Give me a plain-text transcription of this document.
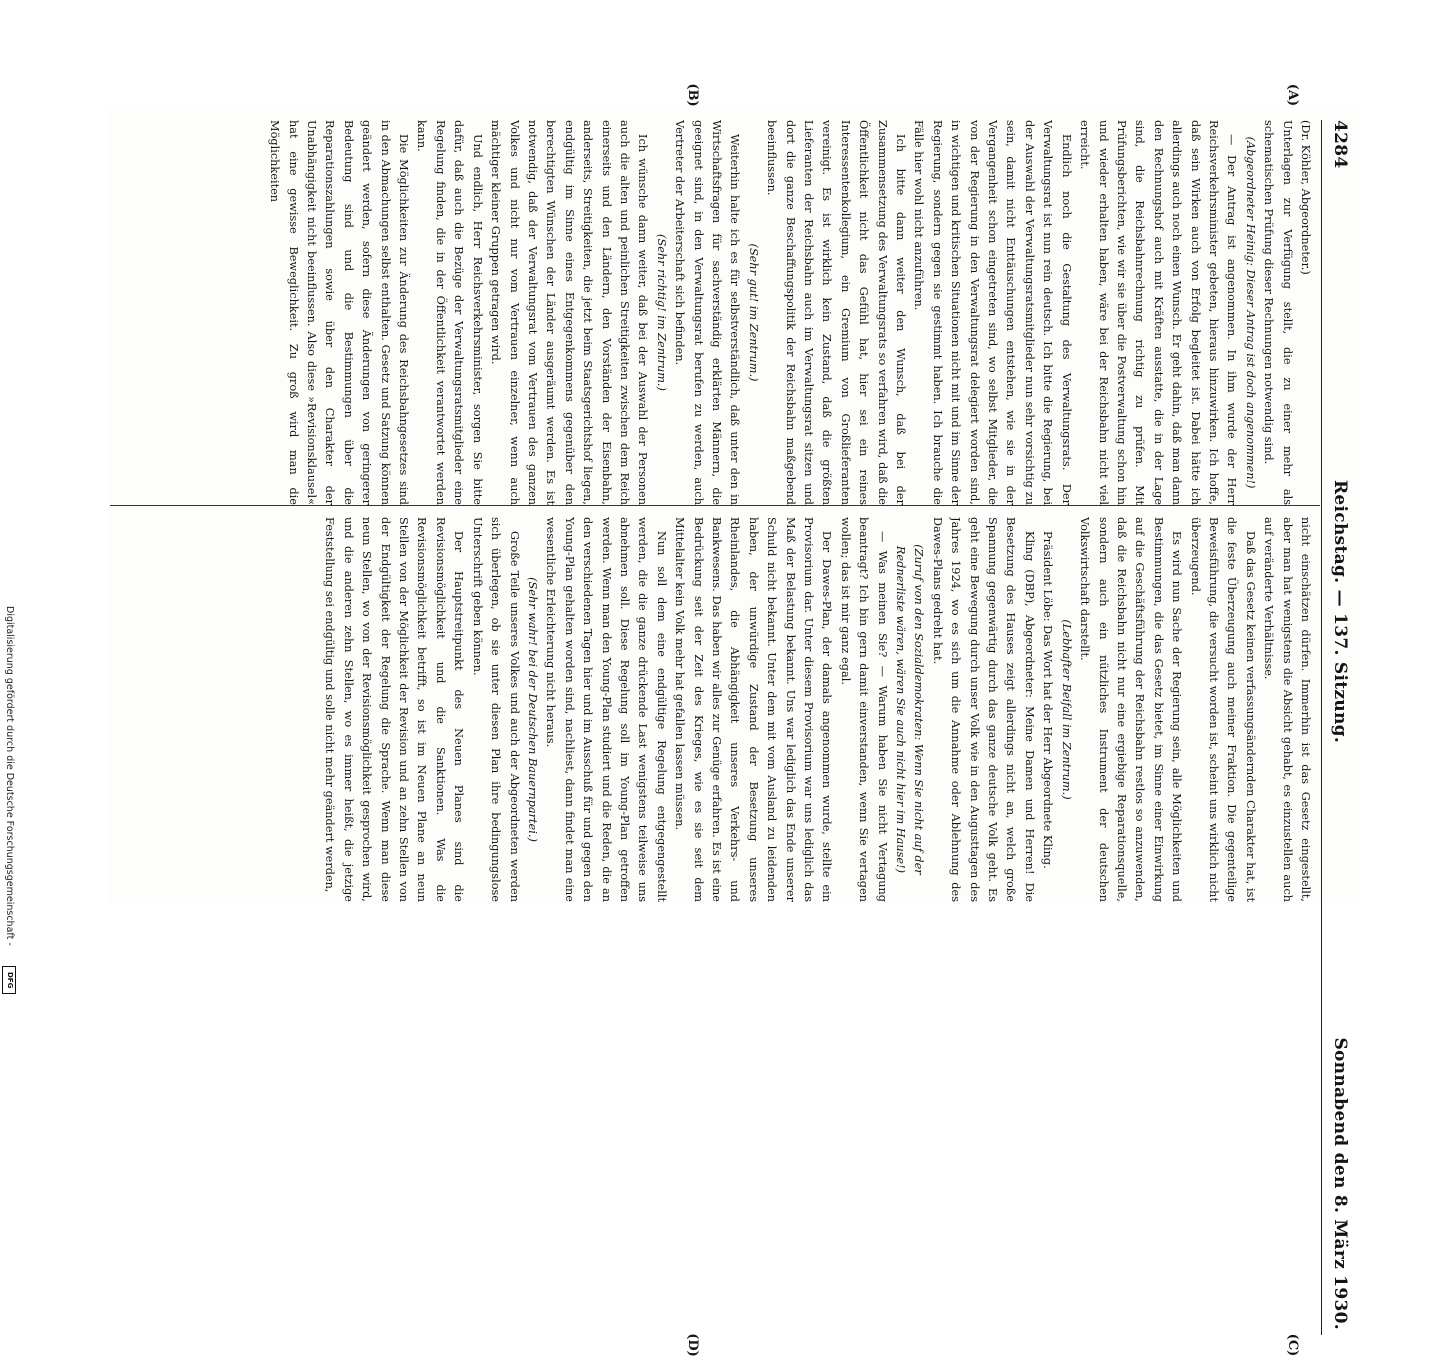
4284
Reichstag. — 137. Sitzung.
Sonnabend den 8. März 1930.
(A)
(B)
(C)
(D)

(Dr. Köhler, Abgeordneter.)

Unterlagen zur Verfügung stellt, die zu einer mehr als schematischen Prüfung dieser Rechnungen notwendig sind.

(Abgeordneter Heinig: Dieser Antrag ist doch angenommen!)

— Der Antrag ist angenommen. In ihm wurde der Herr Reichsverkehrsminister gebeten, hieraus hinzuwirken. Ich hoffe, daß sein Wirken auch von Erfolg begleitet ist. Dabei hätte ich allerdings auch noch einen Wunsch. Er geht dahin, daß man dann den Rechnungshof auch mit Kräften ausstatte, die in der Lage sind, die Reichsbahnrechnung richtig zu prüfen. Mit Prüfungsberichten, wie wir sie über die Postverwaltung schon hin und wieder erhalten haben, wäre bei der Reichsbahn nicht viel erreicht.

Endlich noch die Gestaltung des Verwaltungsrats. Der Verwaltungsrat ist nun rein deutsch. Ich bitte die Regierung, bei der Auswahl der Verwaltungsratsmitglieder nun sehr vorsichtig zu sein, damit nicht Enttäuschungen entstehen, wie sie in der Vergangenheit schon eingetreten sind, wo selbst Mitglieder, die von der Regierung in den Verwaltungsrat delegiert worden sind, in wichtigen und kritischen Situationen nicht mit und im Sinne der Regierung, sondern gegen sie gestimmt haben. Ich brauche die Fälle hier wohl nicht anzuführen.

Ich bitte dann weiter den Wunsch, daß bei der Zusammensetzung des Verwaltungsrats so verfahren wird, daß die Öffentlichkeit nicht das Gefühl hat, hier sei ein reines Interessentenkollegium, ein Gremium von Großlieferanten vereinigt. Es ist wirklich kein Zustand, daß die größten Lieferanten der Reichsbahn auch im Verwaltungsrat sitzen und dort die ganze Beschaffungspolitik der Reichsbahn maßgebend beeinflussen.

(Sehr gut! im Zentrum.)

Weiterhin halte ich es für selbstverständlich, daß unter den in Wirtschaftsfragen für sachverständig erklärten Männern, die geeignet sind, in den Verwaltungsrat berufen zu werden, auch Vertreter der Arbeiterschaft sich befinden.

(Sehr richtig! im Zentrum.)

Ich wünsche dann weiter, daß bei der Auswahl der Personen auch die alten und peinlichen Streitigkeiten zwischen dem Reich einerseits und den Ländern, den Vorständen der Eisenbahn, anderseits, Streitigkeiten, die jetzt beim Staatsgerichtshof liegen, endgültig im Sinne eines Entgegenkommens gegenüber den berechtigten Wünschen der Länder ausgeräumt werden. Es ist notwendig, daß der Verwaltungsrat vom Vertrauen des ganzen Volkes und nicht nur vom Vertrauen einzelner, wenn auch mächtiger kleiner Gruppen getragen wird.

Und endlich, Herr Reichsverkehrsminister, sorgen Sie bitte dafür, daß auch die Bezüge der Verwaltungsratsmitglieder eine Regelung finden, die in der Öffentlichkeit verantwortet werden kann.

Die Möglichkeiten zur Änderung des Reichsbahngesetzes sind in den Abmachungen selbst enthalten. Gesetz und Satzung können geändert werden, sofern diese Änderungen von geringerer Bedeutung sind und die Bestimmungen über die Reparationszahlungen sowie über den Charakter der Unabhängigkeit nicht beeinflussen. Also diese »Revisionsklausel« hat eine gewisse Beweglichkeit. Zu groß wird man die Möglichkeiten

nicht einschätzen dürfen. Immerhin ist das Gesetz eingestellt, aber man hat wenigstens die Absicht gehabt, es einzustellen auch auf veränderte Verhältnisse.

Daß das Gesetz keinen verfassungsändernden Charakter hat, ist die feste Überzeugung auch meiner Fraktion. Die gegenteilige Beweisführung, die versucht worden ist, scheint uns wirklich nicht überzeugend.

Es wird nun Sache der Regierung sein, alle Möglichkeiten und Bestimmungen, die das Gesetz bietet, im Sinne einer Einwirkung auf die Geschäftsführung der Reichsbahn restlos so anzuwenden, daß die Reichsbahn nicht nur eine ergiebige Reparationsquelle, sondern auch ein nützliches Instrument der deutschen Volkswirtschaft darstellt.

(Lebhafter Beifall im Zentrum.)

Präsident Löbe: Das Wort hat der Herr Abgeordnete Kling.

Kling (DBP), Abgeordneter: Meine Damen und Herren! Die Besetzung des Hauses zeigt allerdings nicht an, welch große Spannung gegenwärtig durch das ganze deutsche Volk geht. Es geht eine Bewegung durch unser Volk wie in den Augusttagen des Jahres 1924, wo es sich um die Annahme oder Ablehnung des Dawes-Plans gedreht hat.

(Zuruf von den Sozialdemokraten: Wenn Sie nicht auf der Rednerliste wären, wären Sie auch nicht hier im Hause!)

— Was meinen Sie? — Warum haben Sie nicht Vertagung beantragt? Ich bin gern damit einverstanden, wenn Sie vertagen wollen; das ist mir ganz egal.

Der Dawes-Plan, der damals angenommen wurde, stellte ein Provisorium dar. Unter diesem Provisorium war uns lediglich das Maß der Belastung bekannt. Uns war lediglich das Ende unserer Schuld nicht bekannt. Unter dem mit vom Ausland zu leidenden haben, der unwürdige Zustand der Besetzung unseres Rheinlandes, die Abhängigkeit unseres Verkehrs- und Bankwesens. Das haben wir alles zur Genüge erfahren. Es ist eine Bedrückung seit der Zeit des Krieges, wie es sie seit dem Mittelalter kein Volk mehr hat gefallen lassen müssen.

Nun soll dem eine endgültige Regelung entgegengestellt werden, die die ganze drückende Last wenigstens teilweise uns abnehmen soll. Diese Regelung soll im Young-Plan getroffen werden. Wenn man den Young-Plan studiert und die Reden, die an den verschiedenen Tagen hier und im Ausschuß für und gegen den Young-Plan gehalten worden sind, nachliest, dann findet man eine wesentliche Erleichterung nicht heraus.

(Sehr wahr! bei der Deutschen Bauernpartei.)

Große Teile unseres Volkes und auch der Abgeordneten werden sich überlegen, ob sie unter diesen Plan ihre bedingungslose Unterschrift geben können.

Der Hauptstreitpunkt des Neuen Planes sind die Revisionsmöglichkeit und die Sanktionen. Was die Revisionsmöglichkeit betrifft, so ist im Neuen Plane an neun Stellen von der Möglichkeit der Revision und an zehn Stellen von der Endgültigkeit der Regelung die Sprache. Wenn man diese neun Stellen, wo von der Revisionsmöglichkeit gesprochen wird, und die anderen zehn Stellen, wo es immer heißt, die jetzige Feststellung sei endgültig und solle nicht mehr geändert werden,

Digitalisierung gefördert durch die Deutsche Forschungsgemeinschaft -
DFG
